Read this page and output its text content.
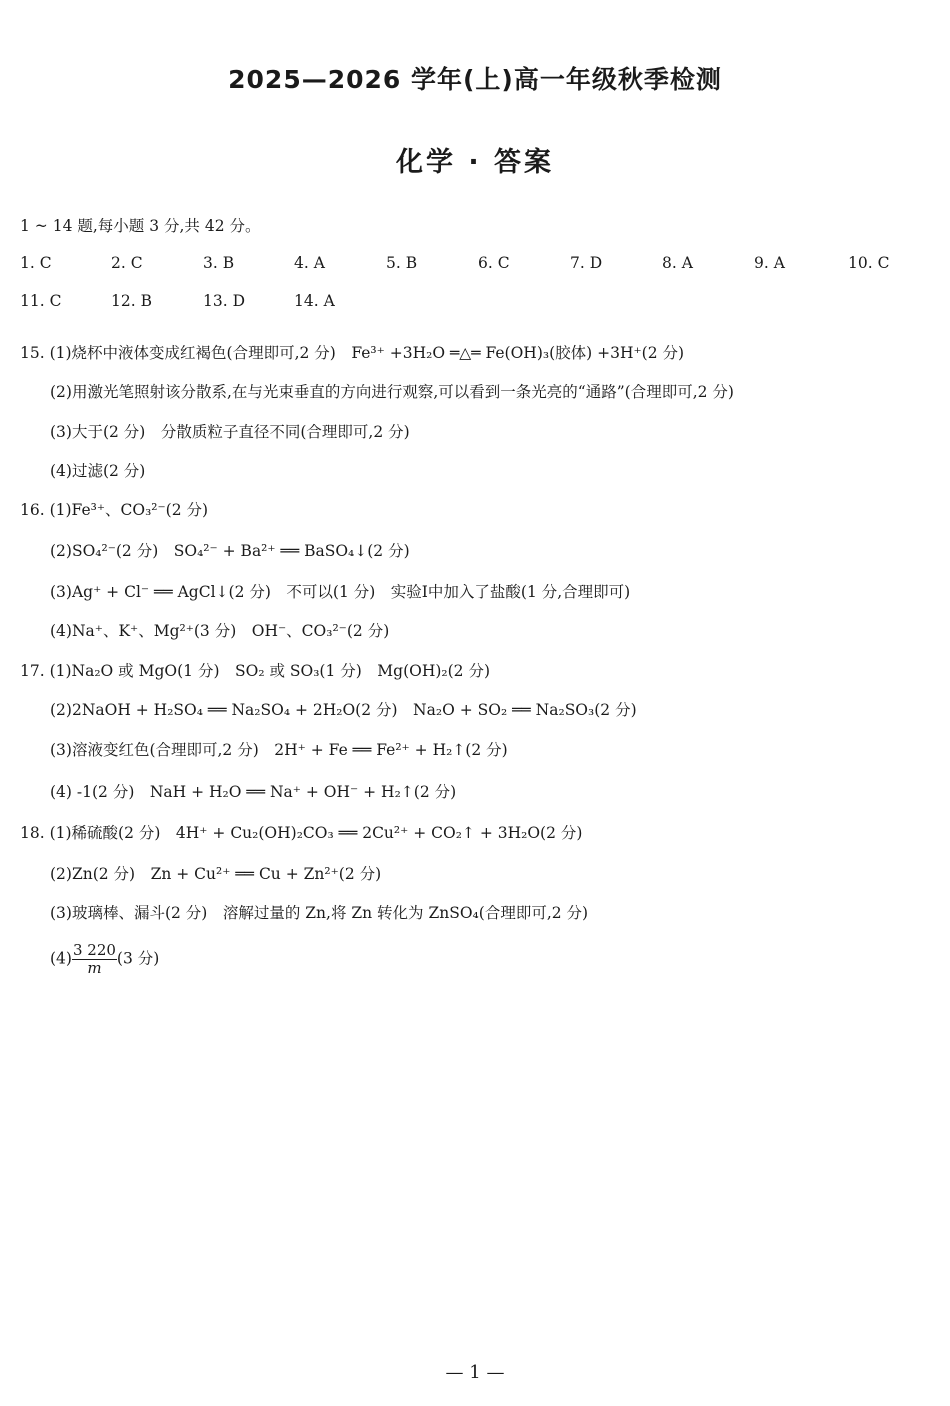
2025—2026 学年(上)高一年级秋季检测
化学 · 答案
1 ~ 14 题,每小题 3 分,共 42 分。
1. C	2. C	3. B	4. A	5. B	6. C	7. D	8. A	9. A	10. C
11. C	12. B	13. D	14. A
15. (1)烧杯中液体变成红褐色(合理即可,2 分)　Fe³⁺ +3H₂O ═△═ Fe(OH)₃(胶体) +3H⁺(2 分)
(2)用激光笔照射该分散系,在与光束垂直的方向进行观察,可以看到一条光亮的“通路”(合理即可,2 分)
(3)大于(2 分)　分散质粒子直径不同(合理即可,2 分)
(4)过滤(2 分)
16. (1)Fe³⁺、CO₃²⁻(2 分)
(2)SO₄²⁻(2 分)　SO₄²⁻ + Ba²⁺ ══ BaSO₄↓(2 分)
(3)Ag⁺ + Cl⁻ ══ AgCl↓(2 分)　不可以(1 分)　实验Ⅰ中加入了盐酸(1 分,合理即可)
(4)Na⁺、K⁺、Mg²⁺(3 分)　OH⁻、CO₃²⁻(2 分)
17. (1)Na₂O 或 MgO(1 分)　SO₂ 或 SO₃(1 分)　Mg(OH)₂(2 分)
(2)2NaOH + H₂SO₄ ══ Na₂SO₄ + 2H₂O(2 分)　Na₂O + SO₂ ══ Na₂SO₃(2 分)
(3)溶液变红色(合理即可,2 分)　2H⁺ + Fe ══ Fe²⁺ + H₂↑(2 分)
(4) -1(2 分)　NaH + H₂O ══ Na⁺ + OH⁻ + H₂↑(2 分)
18. (1)稀硫酸(2 分)　4H⁺ + Cu₂(OH)₂CO₃ ══ 2Cu²⁺ + CO₂↑ + 3H₂O(2 分)
(2)Zn(2 分)　Zn + Cu²⁺ ══ Cu + Zn²⁺(2 分)
(3)玻璃棒、漏斗(2 分)　溶解过量的 Zn,将 Zn 转化为 ZnSO₄(合理即可,2 分)
$(4) \frac{3 220}{m} (3$ 分)
— 1 —
